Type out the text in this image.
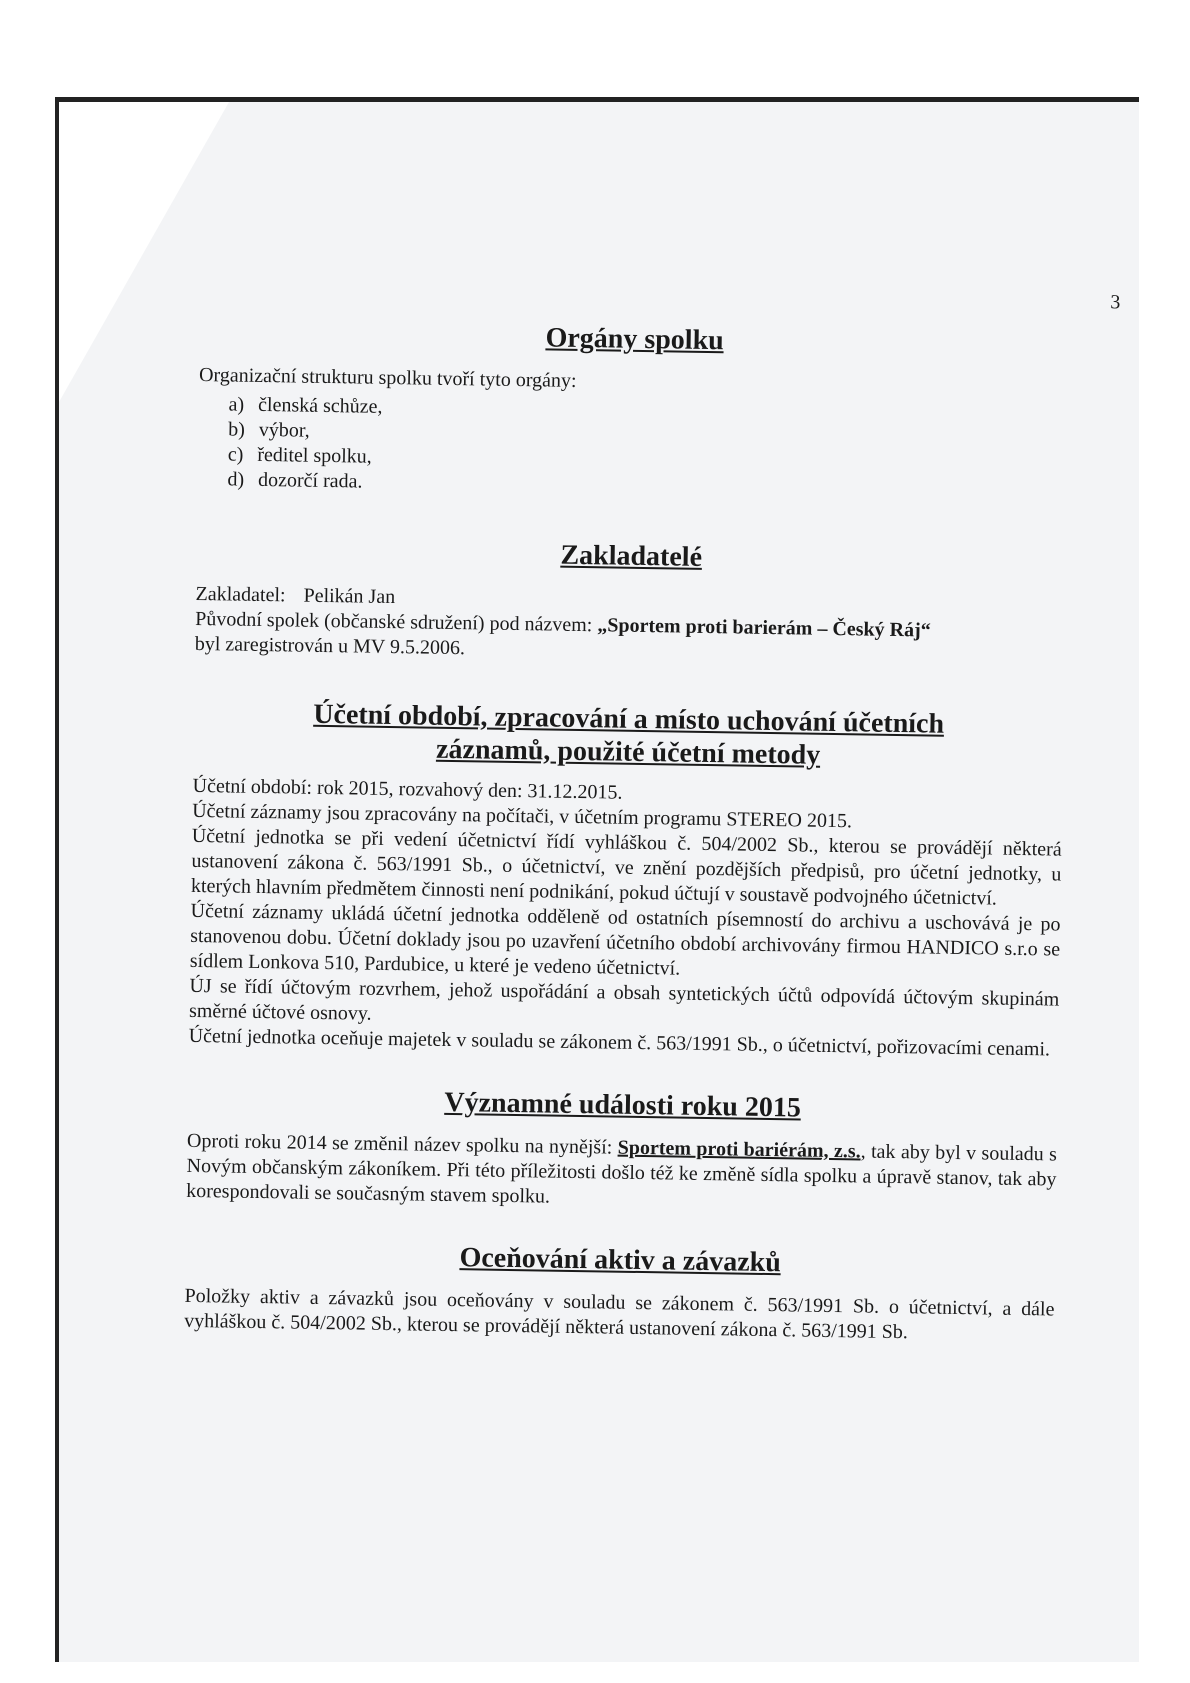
3
Orgány spolku

Organizační strukturu spolku tvoří tyto orgány:

a) členská schůze,
b) výbor,
c) ředitel spolku,
d) dozorčí rada.
Zakladatelé

Zakladatel: Pelikán Jan

Původní spolek (občanské sdružení) pod názvem: „Sportem proti barierám – Český Ráj“

byl zaregistrován u MV 9.5.2006.

Účetní období, zpracování a místo uchování účetních
záznamů, použité účetní metody

Účetní období: rok 2015, rozvahový den: 31.12.2015.

Účetní záznamy jsou zpracovány na počítači, v účetním programu STEREO 2015.

Účetní jednotka se při vedení účetnictví řídí vyhláškou č. 504/2002 Sb., kterou se provádějí některá ustanovení zákona č. 563/1991 Sb., o účetnictví, ve znění pozdějších předpisů, pro účetní jednotky, u kterých hlavním předmětem činnosti není podnikání, pokud účtují v soustavě podvojného účetnictví.

Účetní záznamy ukládá účetní jednotka odděleně od ostatních písemností do archivu a uschovává je po stanovenou dobu. Účetní doklady jsou po uzavření účetního období archivovány firmou HANDICO s.r.o se sídlem Lonkova 510, Pardubice, u které je vedeno účetnictví.

ÚJ se řídí účtovým rozvrhem, jehož uspořádání a obsah syntetických účtů odpovídá účtovým skupinám směrné účtové osnovy.

Účetní jednotka oceňuje majetek v souladu se zákonem č. 563/1991 Sb., o účetnictví, pořizovacími cenami.

Významné události roku 2015

Oproti roku 2014 se změnil název spolku na nynější: Sportem proti bariérám, z.s., tak aby byl v souladu s Novým občanským zákoníkem. Při této příležitosti došlo též ke změně sídla spolku a úpravě stanov, tak aby korespondovali se současným stavem spolku.

Oceňování aktiv a závazků

Položky aktiv a závazků jsou oceňovány v souladu se zákonem č. 563/1991 Sb. o účetnictví, a dále vyhláškou č. 504/2002 Sb., kterou se provádějí některá ustanovení zákona č. 563/1991 Sb.
